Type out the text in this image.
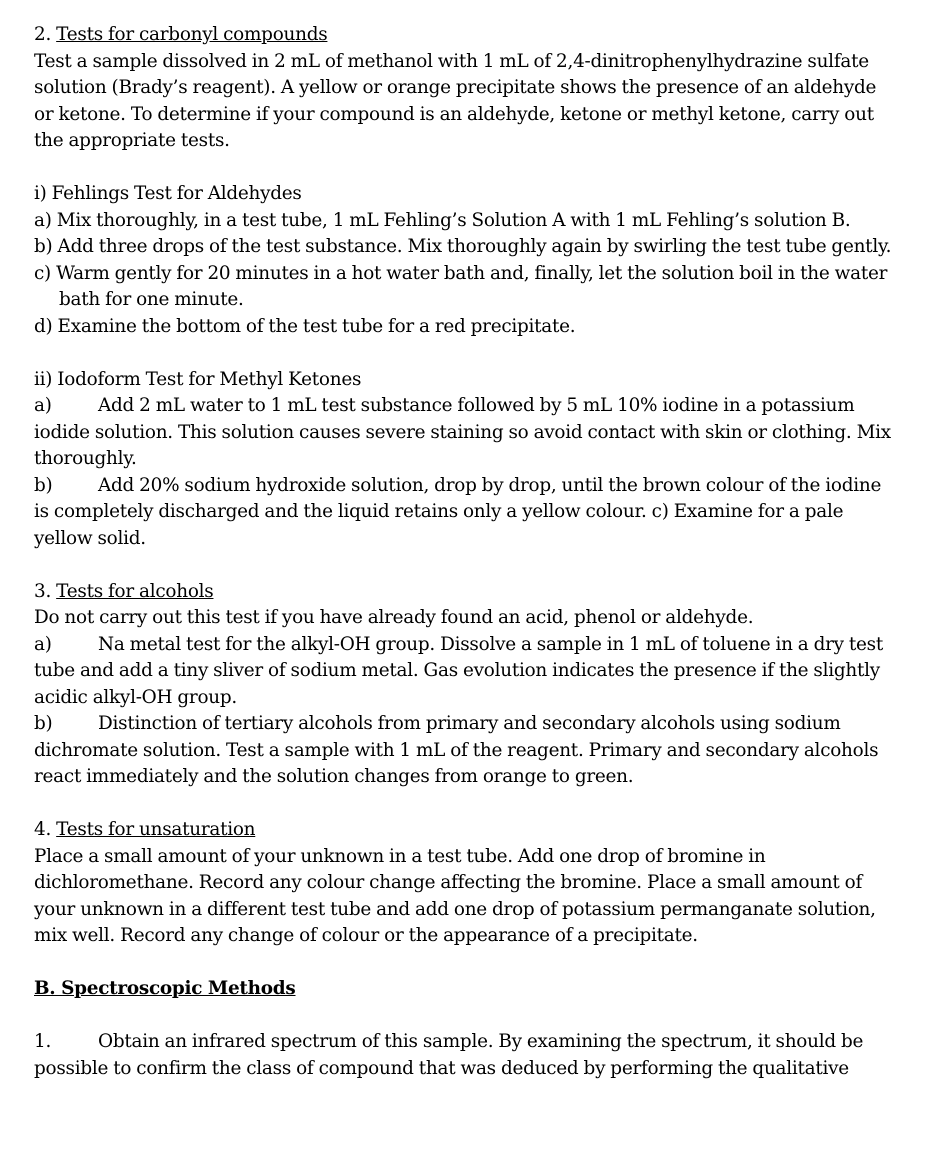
2. Tests for carbonyl compounds

Test a sample dissolved in 2 mL of methanol with 1 mL of 2,4-dinitrophenylhydrazine sulfate solution (Brady’s reagent). A yellow or orange precipitate shows the presence of an aldehyde or ketone. To determine if your compound is an aldehyde, ketone or methyl ketone, carry out the appropriate tests.

i) Fehlings Test for Aldehydes

a) Mix thoroughly, in a test tube, 1 mL Fehling’s Solution A with 1 mL Fehling’s solution B.

b) Add three drops of the test substance. Mix thoroughly again by swirling the test tube gently.

c) Warm gently for 20 minutes in a hot water bath and, finally, let the solution boil in the water bath for one minute.

d) Examine the bottom of the test tube for a red precipitate.

ii) Iodoform Test for Methyl Ketones

a)	Add 2 mL water to 1 mL test substance followed by 5 mL 10% iodine in a potassium iodide solution. This solution causes severe staining so avoid contact with skin or clothing. Mix thoroughly.

b) Add 20% sodium hydroxide solution, drop by drop, until the brown colour of the iodine is completely discharged and the liquid retains only a yellow colour. c) Examine for a pale yellow solid.

3. Tests for alcohols

Do not carry out this test if you have already found an acid, phenol or aldehyde.

a)	Na metal test for the alkyl-OH group. Dissolve a sample in 1 mL of toluene in a dry test tube and add a tiny sliver of sodium metal. Gas evolution indicates the presence if the slightly acidic alkyl-OH group.

b) Distinction of tertiary alcohols from primary and secondary alcohols using sodium dichromate solution. Test a sample with 1 mL of the reagent. Primary and secondary alcohols react immediately and the solution changes from orange to green.

4. Tests for unsaturation

Place a small amount of your unknown in a test tube. Add one drop of bromine in dichloromethane. Record any colour change affecting the bromine. Place a small amount of your unknown in a different test tube and add one drop of potassium permanganate solution, mix well. Record any change of colour or the appearance of a precipitate.

B. Spectroscopic Methods

1.	Obtain an infrared spectrum of this sample. By examining the spectrum, it should be possible to confirm the class of compound that was deduced by performing the qualitative
